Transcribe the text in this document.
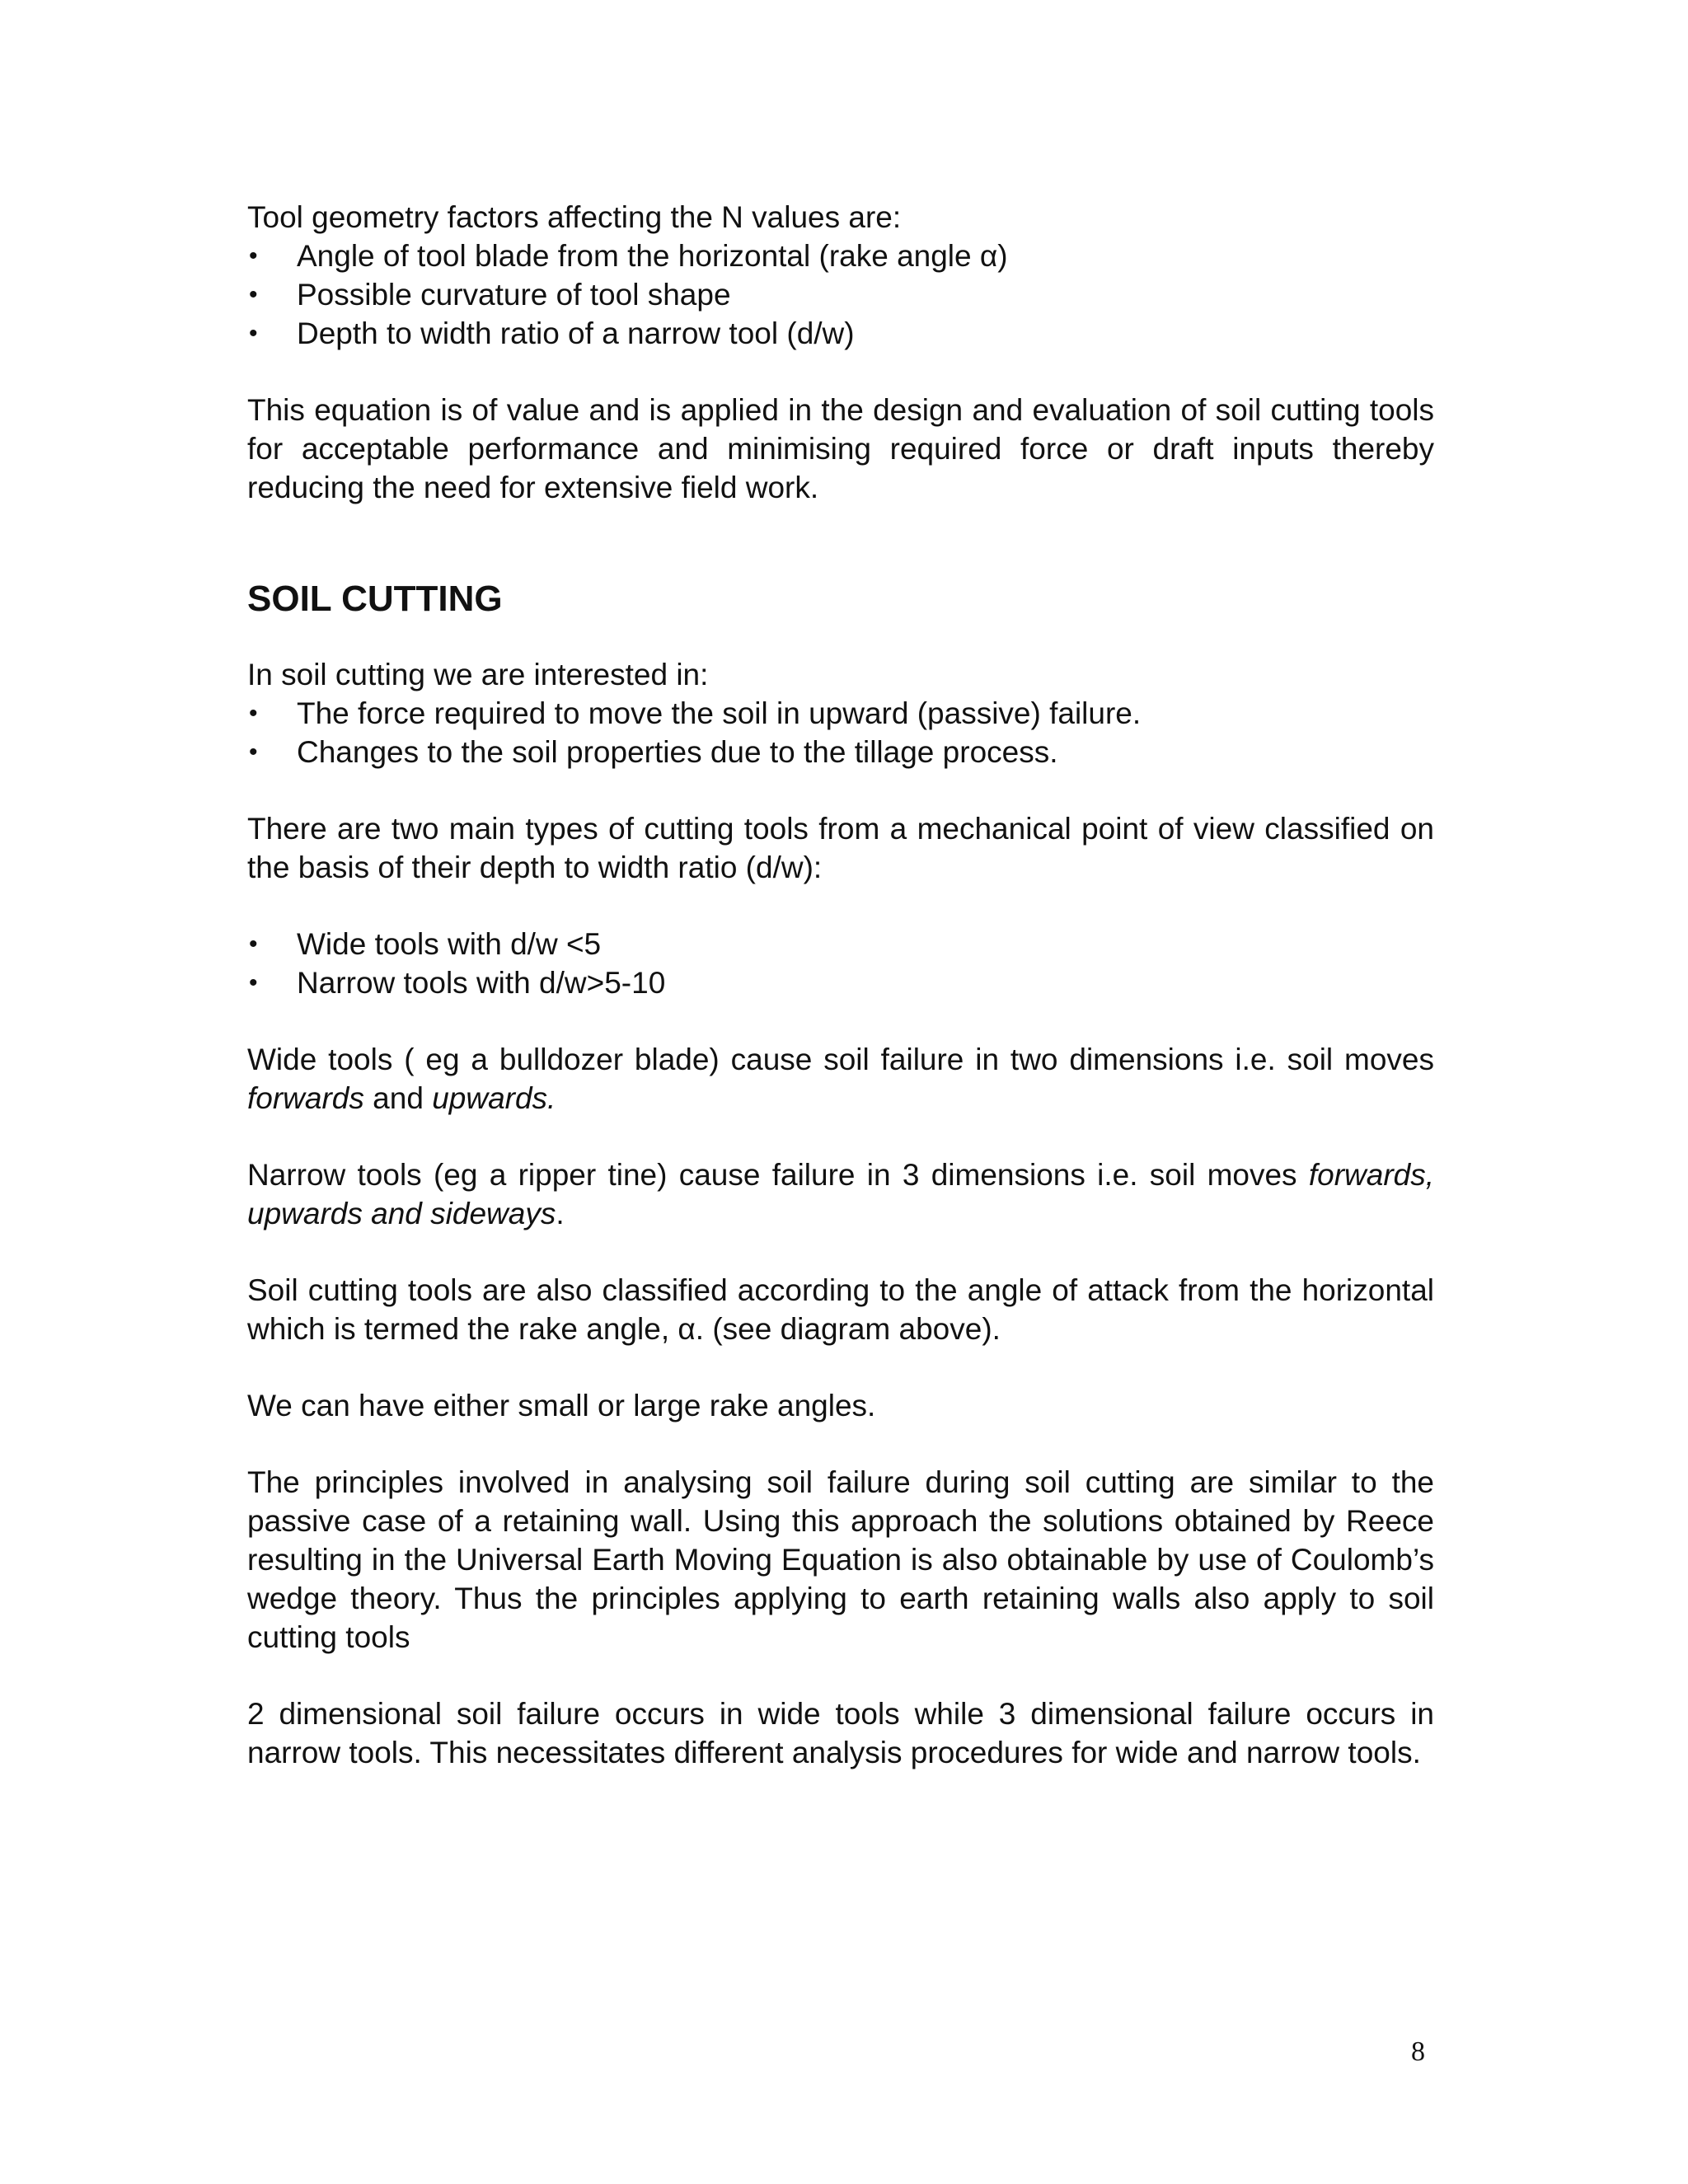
Tool geometry factors affecting the N values are:

• Angle of tool blade from the horizontal (rake angle α)
• Possible curvature of tool shape
• Depth to width ratio of a narrow tool (d/w)

This equation is of value and is applied in the design and evaluation of soil cutting tools for acceptable performance and minimising required force or draft inputs thereby reducing the need for extensive field work.

SOIL CUTTING

In soil cutting we are interested in:

• The force required to move the soil in upward (passive) failure.
• Changes to the soil properties due to the tillage process.

There are two main types of cutting tools from a mechanical point of view classified on the basis of their depth to width ratio (d/w):

• Wide tools with d/w <5
• Narrow tools with d/w>5-10

Wide tools ( eg a bulldozer blade) cause soil failure in two dimensions i.e. soil moves forwards and upwards.

Narrow tools (eg a ripper tine) cause failure in 3 dimensions i.e. soil moves forwards, upwards and sideways.

Soil cutting tools are also classified according to the angle of attack from the horizontal which is termed the rake angle, α. (see diagram above).

We can have either small or large rake angles.

The principles involved in analysing soil failure during soil cutting are similar to the passive case of a retaining wall. Using this approach the solutions obtained by Reece resulting in the Universal Earth Moving Equation is also obtainable by use of Coulomb’s wedge theory. Thus the principles applying to earth retaining walls also apply to soil cutting tools

2 dimensional soil failure occurs in wide tools while 3 dimensional failure occurs in narrow tools. This necessitates different analysis procedures for wide and narrow tools.

8
